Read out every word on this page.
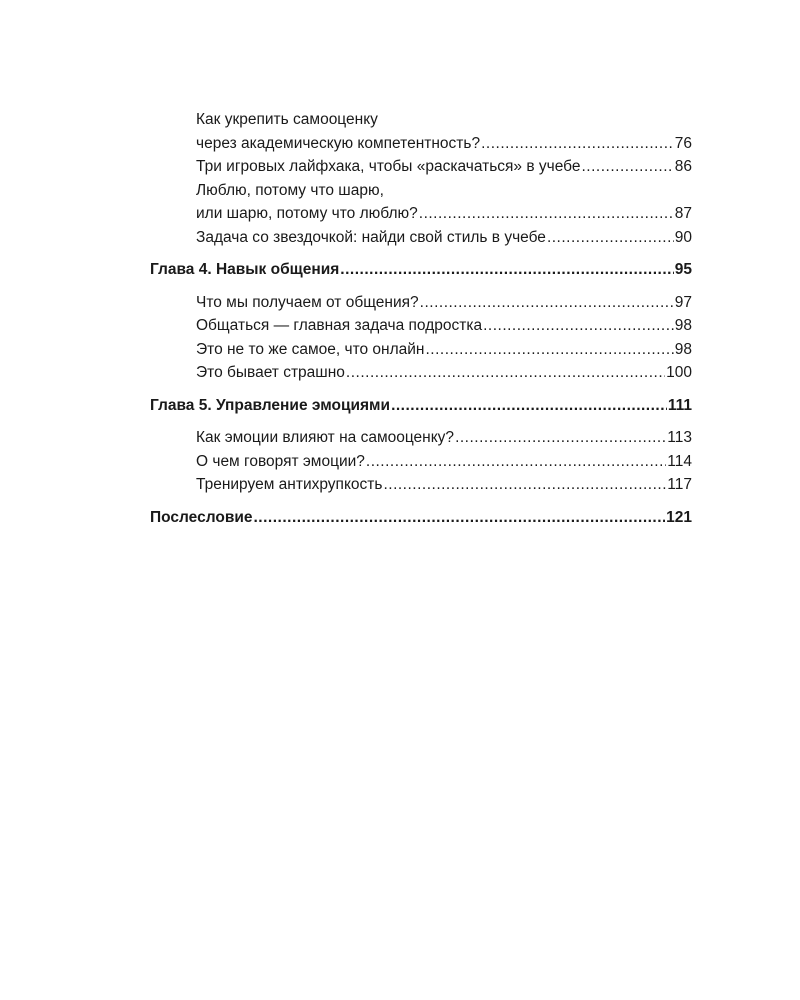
Как укрепить самооценку
через академическую компетентность? .....	76
Три игровых лайфхака, чтобы «раскачаться» в учебе .....	86
Люблю, потому что шарю,
или шарю, потому что люблю? .....	87
Задача со звездочкой: найди свой стиль в учебе .....	90
Глава 4. Навык общения .....	95
Что мы получаем от общения? .....	97
Общаться — главная задача подростка .....	98
Это не то же самое, что онлайн .....	98
Это бывает страшно .....	100
Глава 5. Управление эмоциями .....	111
Как эмоции влияют на самооценку? .....	113
О чем говорят эмоции? .....	114
Тренируем антихрупкость .....	117
Послесловие .....	121
